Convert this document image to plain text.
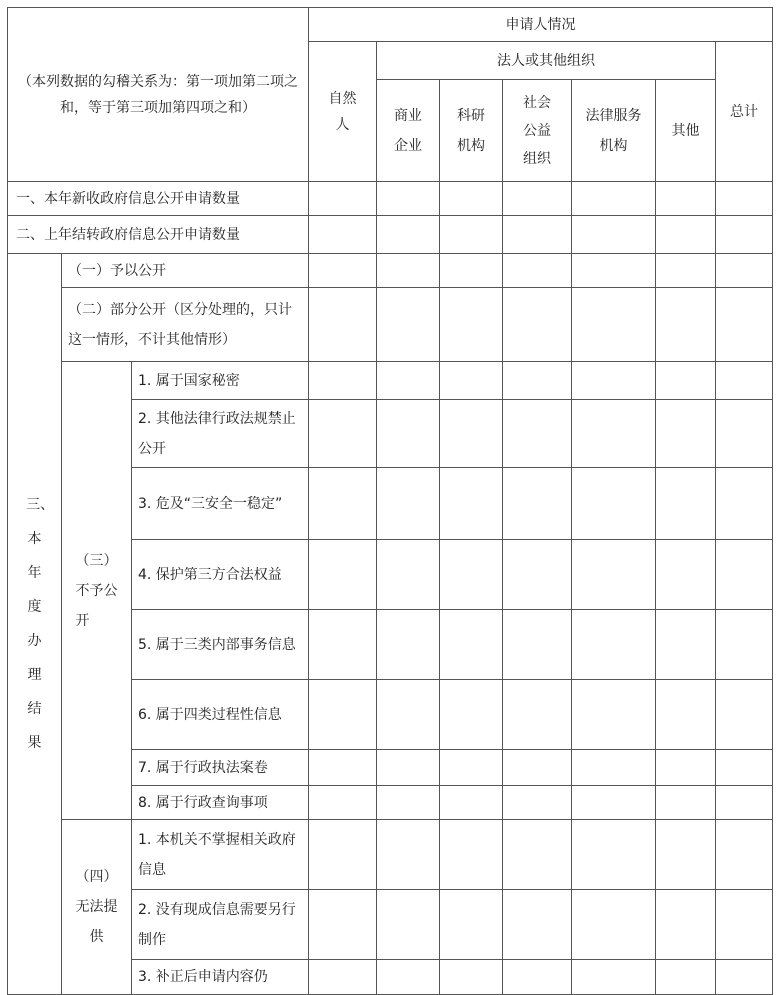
（本列数据的勾稽关系为：第一项加第二项之和，等于第三项加第四项之和）			申请人情况						
			自然人	法人或其他组织					总计
				商业企业	科研机构	社会公益组织	法律服务机构	其他	

一、本年新收政府信息公开申请数量									
二、上年结转政府信息公开申请数量									
三、本年度办理结果	（一）予以公开								

	（二）部分公开（区分处理的，只计这一情形，不计其他情形）								

	（三）不予公开	1. 属于国家秘密							

		2. 其他法律行政法规禁止公开							

		3. 危及“三安全一稳定”							

		4. 保护第三方合法权益							

		5. 属于三类内部事务信息							

		6. 属于四类过程性信息							

		7. 属于行政执法案卷							
		8. 属于行政查询事项							
	（四）无法提供	1. 本机关不掌握相关政府信息							

		2. 没有现成信息需要另行制作							

		3. 补正后申请内容仍							
